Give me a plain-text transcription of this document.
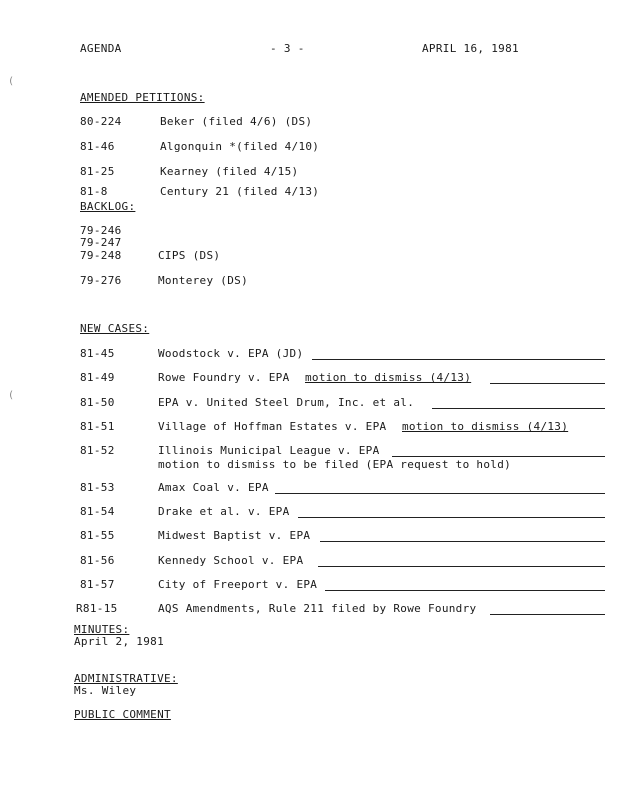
AGENDA	- 3 -	APRIL 16, 1981
(
(
AMENDED PETITIONS:
80-224	Beker (filed 4/6) (DS)
81-46	Algonquin *(filed 4/10)
81-25	Kearney (filed 4/15)
81-8	Century 21 (filed 4/13)
BACKLOG:
79-246
79-247
79-248	CIPS (DS)
79-276	Monterey (DS)
NEW CASES:
81-45	Woodstock v. EPA (JD)
81-49	Rowe Foundry v. EPA motion to dismiss (4/13)
81-50	EPA v. United Steel Drum, Inc. et al.
81-51	Village of Hoffman Estates v. EPA motion to dismiss (4/13)
81-52	Illinois Municipal League v. EPA
motion to dismiss to be filed (EPA request to hold)
81-53	Amax Coal v. EPA
81-54	Drake et al. v. EPA
81-55	Midwest Baptist v. EPA
81-56	Kennedy School v. EPA
81-57	City of Freeport v. EPA
R81-15	AQS Amendments, Rule 211 filed by Rowe Foundry
MINUTES:
April 2, 1981
ADMINISTRATIVE:
Ms. Wiley
PUBLIC COMMENT
